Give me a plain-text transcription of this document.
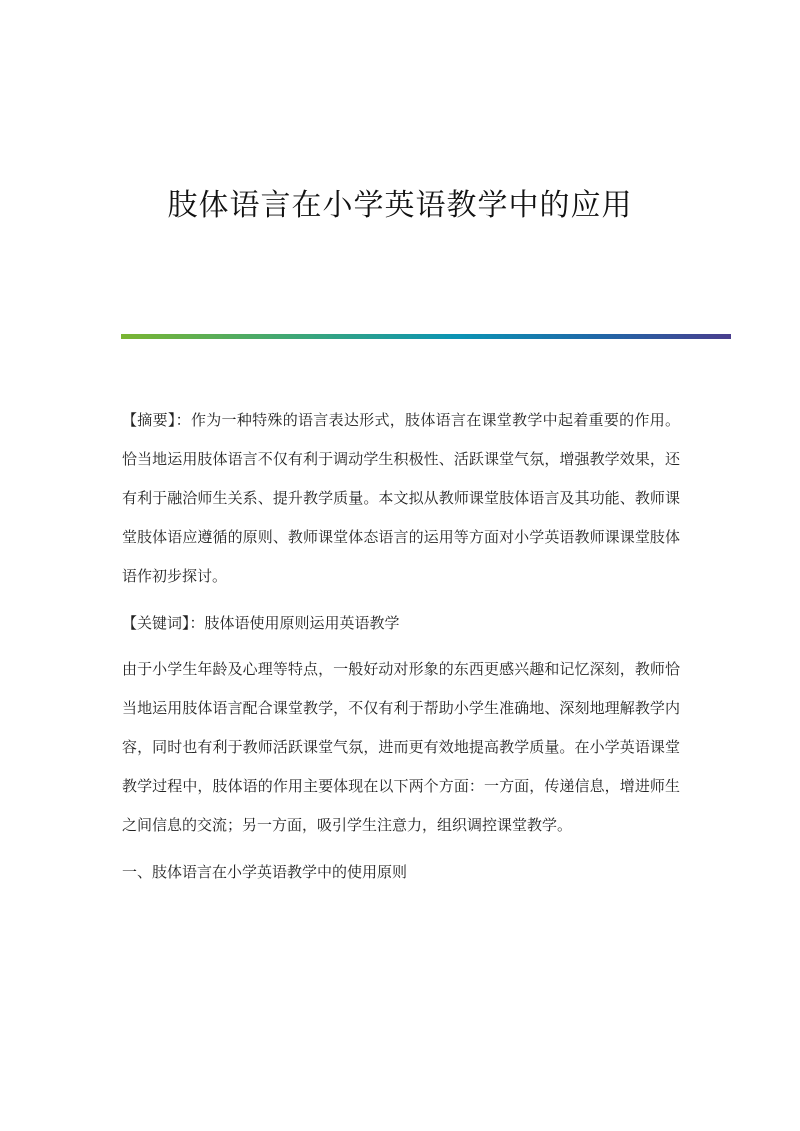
肢体语言在小学英语教学中的应用

【摘要】：作为一种特殊的语言表达形式，肢体语言在课堂教学中起着重要的作用。恰当地运用肢体语言不仅有利于调动学生积极性、活跃课堂气氛，增强教学效果，还有利于融洽师生关系、提升教学质量。本文拟从教师课堂肢体语言及其功能、教师课堂肢体语应遵循的原则、教师课堂体态语言的运用等方面对小学英语教师课课堂肢体语作初步探讨。

【关键词】：肢体语使用原则运用英语教学

由于小学生年龄及心理等特点，一般好动对形象的东西更感兴趣和记忆深刻，教师恰当地运用肢体语言配合课堂教学，不仅有利于帮助小学生准确地、深刻地理解教学内容，同时也有利于教师活跃课堂气氛，进而更有效地提高教学质量。在小学英语课堂教学过程中，肢体语的作用主要体现在以下两个方面：一方面，传递信息，增进师生之间信息的交流；另一方面，吸引学生注意力，组织调控课堂教学。

一、肢体语言在小学英语教学中的使用原则
